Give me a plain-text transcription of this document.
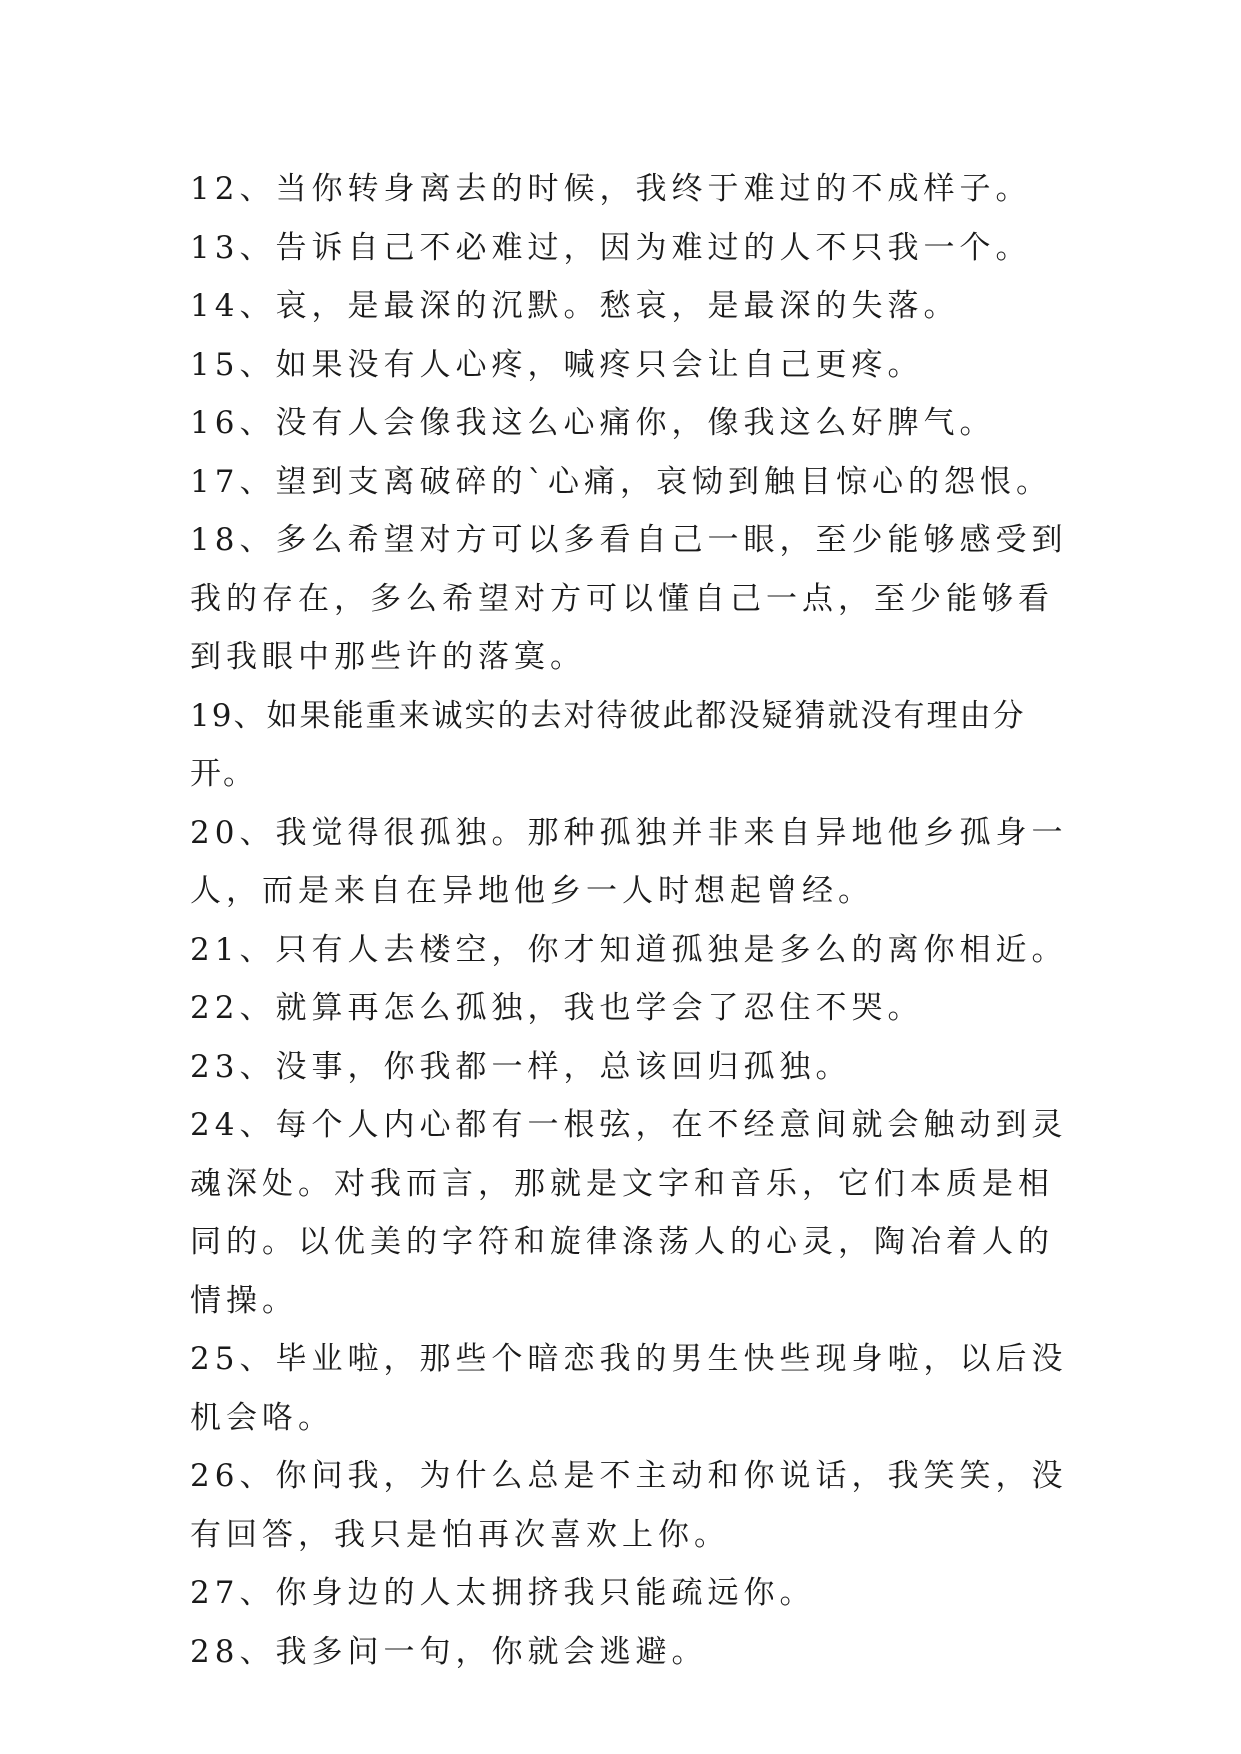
12、当你转身离去的时候，我终于难过的不成样子。

13、告诉自己不必难过，因为难过的人不只我一个。

14、哀，是最深的沉默。愁哀，是最深的失落。

15、如果没有人心疼，喊疼只会让自己更疼。

16、没有人会像我这么心痛你，像我这么好脾气。

17、望到支离破碎的`心痛，哀恸到触目惊心的怨恨。

18、多么希望对方可以多看自己一眼，至少能够感受到我的存在，多么希望对方可以懂自己一点，至少能够看到我眼中那些许的落寞。

19、如果能重来诚实的去对待彼此都没疑猜就没有理由分开。

20、我觉得很孤独。那种孤独并非来自异地他乡孤身一人，而是来自在异地他乡一人时想起曾经。

21、只有人去楼空，你才知道孤独是多么的离你相近。

22、就算再怎么孤独，我也学会了忍住不哭。

23、没事，你我都一样，总该回归孤独。

24、每个人内心都有一根弦，在不经意间就会触动到灵魂深处。对我而言，那就是文字和音乐，它们本质是相同的。以优美的字符和旋律涤荡人的心灵，陶冶着人的情操。

25、毕业啦，那些个暗恋我的男生快些现身啦，以后没机会咯。

26、你问我，为什么总是不主动和你说话，我笑笑，没有回答，我只是怕再次喜欢上你。

27、你身边的人太拥挤我只能疏远你。

28、我多问一句，你就会逃避。
